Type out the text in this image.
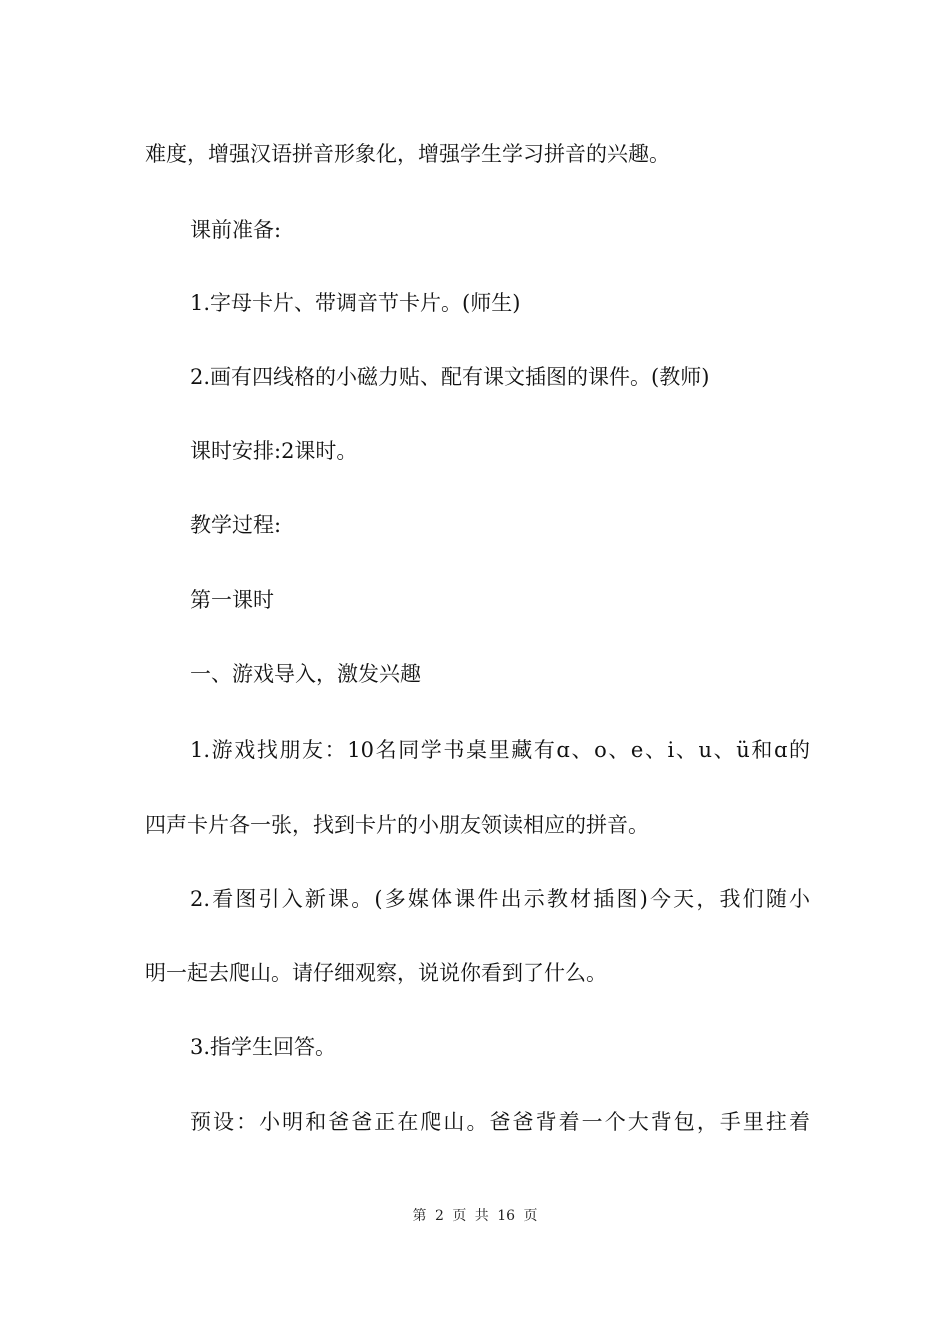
难度，增强汉语拼音形象化，增强学生学习拼音的兴趣。
课前准备:
1.字母卡片、带调音节卡片。(师生)
2.画有四线格的小磁力贴、配有课文插图的课件。(教师)
课时安排:2课时。
教学过程:
第一课时
一、游戏导入，激发兴趣
1.游戏找朋友：10名同学书桌里藏有ɑ、o、e、i、u、ü和ɑ的
四声卡片各一张，找到卡片的小朋友领读相应的拼音。
2.看图引入新课。(多媒体课件出示教材插图)今天，我们随小
明一起去爬山。请仔细观察，说说你看到了什么。
3.指学生回答。
预设：小明和爸爸正在爬山。爸爸背着一个大背包，手里拄着
第 2 页 共 16 页
